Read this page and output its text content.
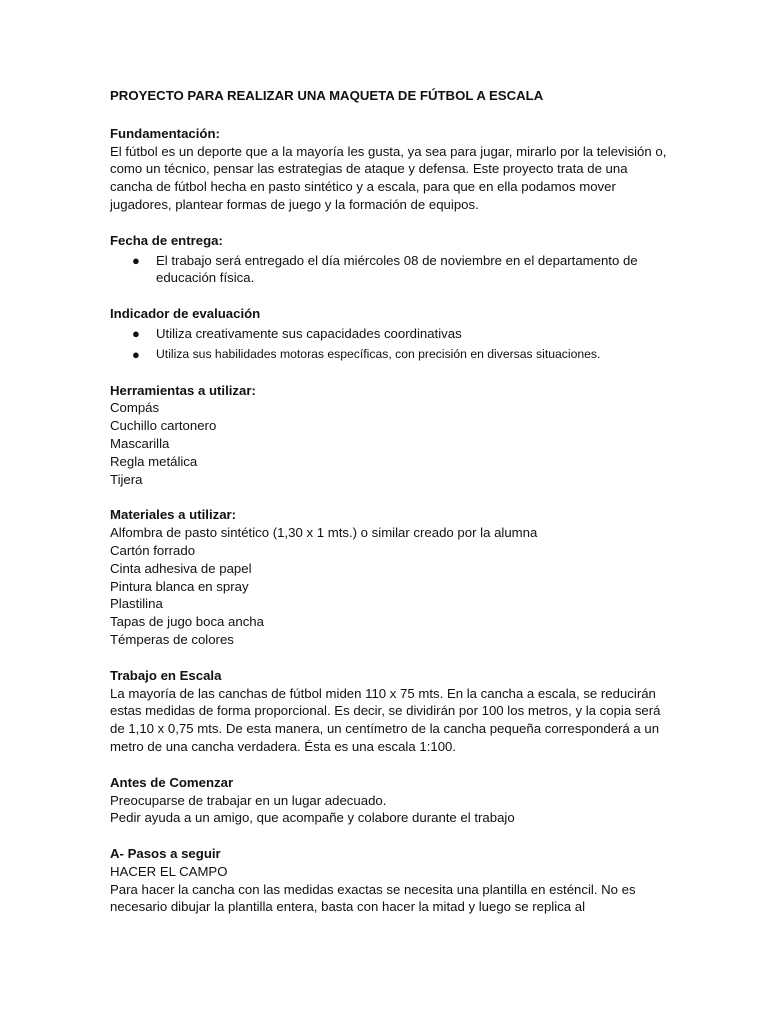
PROYECTO PARA REALIZAR UNA MAQUETA DE FÚTBOL A ESCALA
Fundamentación:

El fútbol es un deporte que a la mayoría les gusta, ya sea para jugar, mirarlo por la televisión o, como un técnico, pensar las estrategias de ataque y defensa. Este proyecto trata de una cancha de fútbol hecha en pasto sintético y a escala, para que en ella podamos mover jugadores, plantear formas de juego y la formación de equipos.

Fecha de entrega:
● El trabajo será entregado el día miércoles 08 de noviembre en el departamento de educación física.
Indicador de evaluación
● Utiliza creativamente sus capacidades coordinativas
● Utiliza sus habilidades motoras específicas, con precisión en diversas situaciones.
Herramientas a utilizar:
Compás
Cuchillo cartonero
Mascarilla
Regla metálica
Tijera
Materiales a utilizar:
Alfombra de pasto sintético (1,30 x 1 mts.) o similar creado por la alumna
Cartón forrado
Cinta adhesiva de papel
Pintura blanca en spray
Plastilina
Tapas de jugo boca ancha
Témperas de colores
Trabajo en Escala

La mayoría de las canchas de fútbol miden 110 x 75 mts. En la cancha a escala, se reducirán estas medidas de forma proporcional. Es decir, se dividirán por 100 los metros, y la copia será de 1,10 x 0,75 mts. De esta manera, un centímetro de la cancha pequeña corresponderá a un metro de una cancha verdadera. Ésta es una escala 1:100.

Antes de Comenzar
Preocuparse de trabajar en un lugar adecuado.
Pedir ayuda a un amigo, que acompañe y colabore durante el trabajo
A- Pasos a seguir
HACER EL CAMPO

Para hacer la cancha con las medidas exactas se necesita una plantilla en esténcil. No es necesario dibujar la plantilla entera, basta con hacer la mitad y luego se replica al
